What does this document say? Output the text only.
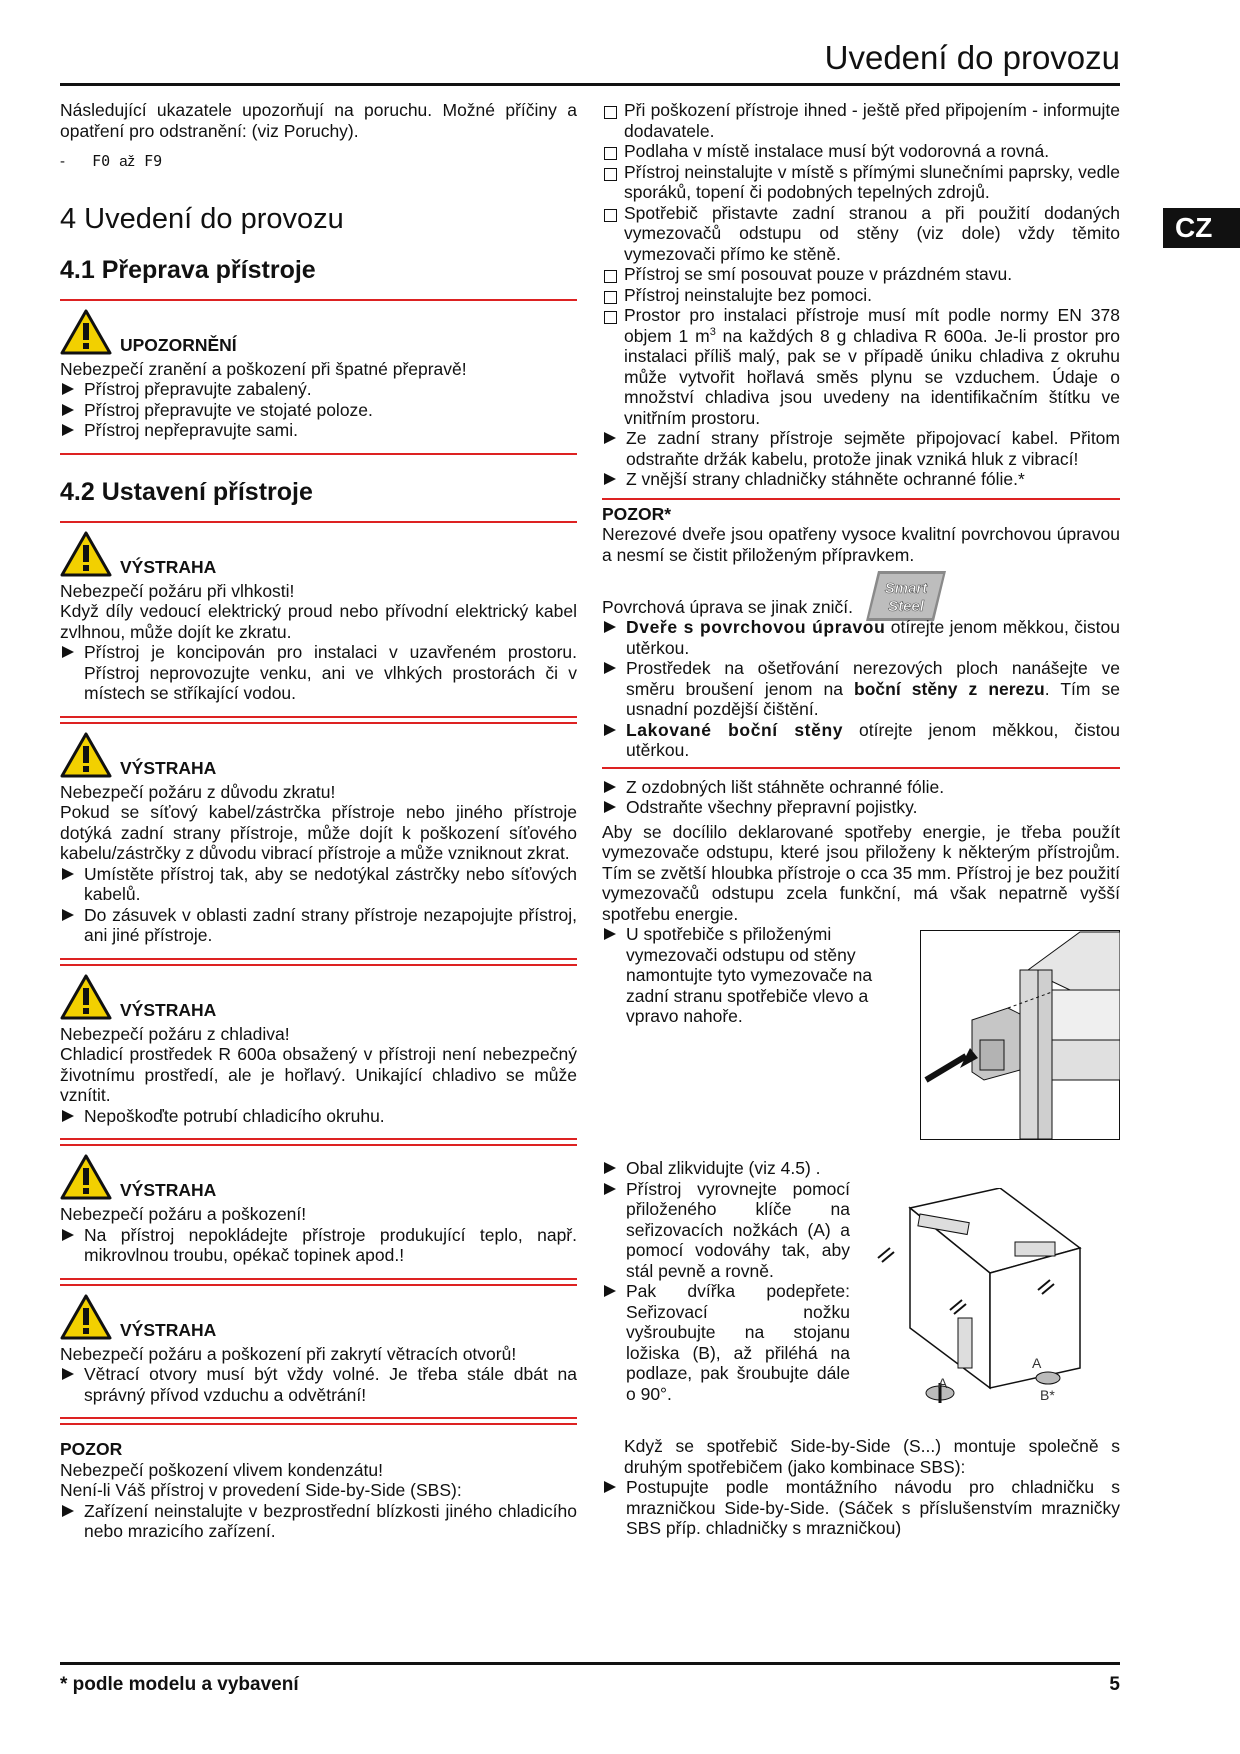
Uvedení do provozu
CZ
Následující ukazatele upozorňují na poruchu. Možné příčiny a opatření pro odstranění: (viz Poruchy).
- F0 až F9
4 Uvedení do provozu
4.1 Přeprava přístroje
UPOZORNĚNÍ
Nebezpečí zranění a poškození při špatné přepravě!
Přístroj přepravujte zabalený.
Přístroj přepravujte ve stojaté poloze.
Přístroj nepřepravujte sami.
4.2 Ustavení přístroje
VÝSTRAHA
Nebezpečí požáru při vlhkosti!
Když díly vedoucí elektrický proud nebo přívodní elektrický kabel zvlhnou, může dojít ke zkratu.
Přístroj je koncipován pro instalaci v uzavřeném prostoru. Přístroj neprovozujte venku, ani ve vlhkých prostorách či v místech se stříkající vodou.
VÝSTRAHA
Nebezpečí požáru z důvodu zkratu!
Pokud se síťový kabel/zástrčka přístroje nebo jiného přístroje dotýká zadní strany přístroje, může dojít k poškození síťového kabelu/zástrčky z důvodu vibrací přístroje a může vzniknout zkrat.
Umístěte přístroj tak, aby se nedotýkal zástrčky nebo síťových kabelů.
Do zásuvek v oblasti zadní strany přístroje nezapojujte přístroj, ani jiné přístroje.
VÝSTRAHA
Nebezpečí požáru z chladiva!
Chladicí prostředek R 600a obsažený v přístroji není nebezpečný životnímu prostředí, ale je hořlavý. Unikající chladivo se může vznítit.
Nepoškoďte potrubí chladicího okruhu.
VÝSTRAHA
Nebezpečí požáru a poškození!
Na přístroj nepokládejte přístroje produkující teplo, např. mikrovlnou troubu, opékač topinek apod.!
VÝSTRAHA
Nebezpečí požáru a poškození při zakrytí větracích otvorů!
Větrací otvory musí být vždy volné. Je třeba stále dbát na správný přívod vzduchu a odvětrání!
POZOR
Nebezpečí poškození vlivem kondenzátu!
Není-li Váš přístroj v provedení Side-by-Side (SBS):
Zařízení neinstalujte v bezprostřední blízkosti jiného chladicího nebo mrazicího zařízení.
Při poškození přístroje ihned - ještě před připojením - informujte dodavatele.
Podlaha v místě instalace musí být vodorovná a rovná.
Přístroj neinstalujte v místě s přímými slunečními paprsky, vedle sporáků, topení či podobných tepelných zdrojů.
Spotřebič přistavte zadní stranou a při použití dodaných vymezovačů odstupu od stěny (viz dole) vždy těmito vymezovači přímo ke stěně.
Přístroj se smí posouvat pouze v prázdném stavu.
Přístroj neinstalujte bez pomoci.
Prostor pro instalaci přístroje musí mít podle normy EN 378 objem 1 $m^3$ na každých 8 g chladiva R 600a. Je-li prostor pro instalaci příliš malý, pak se v případě úniku chladiva z okruhu může vytvořit hořlavá směs plynu se vzduchem. Údaje o množství chladiva jsou uvedeny na identifikačním štítku ve vnitřním prostoru.
Ze zadní strany přístroje sejměte připojovací kabel. Přitom odstraňte držák kabelu, protože jinak vzniká hluk z vibrací!
Z vnější strany chladničky stáhněte ochranné fólie.*
POZOR*
Nerezové dveře jsou opatřeny vysoce kvalitní povrchovou úpravou a nesmí se čistit přiloženým přípravkem.
Povrchová úprava se jinak zničí.
Smart
Steel
Dveře s povrchovou úpravou otírejte jenom měkkou, čistou utěrkou.
Prostředek na ošetřování nerezových ploch nanášejte ve směru broušení jenom na boční stěny z nerezu. Tím se usnadní pozdější čištění.
Lakované boční stěny otírejte jenom měkkou, čistou utěrkou.
Z ozdobných lišt stáhněte ochranné fólie.
Odstraňte všechny přepravní pojistky.
Aby se docílilo deklarované spotřeby energie, je třeba použít vymezovače odstupu, které jsou přiloženy k některým přístrojům. Tím se zvětší hloubka přístroje o cca 35 mm. Přístroj je bez použití vymezovačů odstupu zcela funkční, má však nepatrně vyšší spotřebu energie.
U spotřebiče s přiloženými vymezovači odstupu od stěny namontujte tyto vymezovače na zadní stranu spotřebiče vlevo a vpravo nahoře.
Obal zlikvidujte (viz 4.5) .
Přístroj vyrovnejte pomocí přiloženého klíče na seřizovacích nožkách (A) a pomocí vodováhy tak, aby stál pevně a rovně.
Pak dvířka podepřete: Seřizovací nožku vyšroubujte na stojanu ložiska (B), až přiléhá na podlaze, pak šroubujte dále o 90°.
A
A
B*
Když se spotřebič Side-by-Side (S...) montuje společně s druhým spotřebičem (jako kombinace SBS):
Postupujte podle montážního návodu pro chladničku s mrazničkou Side-by-Side. (Sáček s příslušenstvím mrazničky SBS příp. chladničky s mrazničkou)
* podle modelu a vybavení	5
